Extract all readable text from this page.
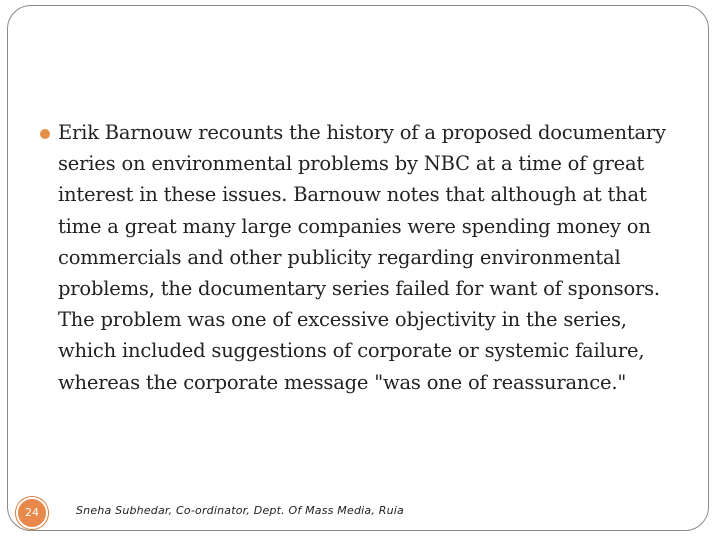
Erik Barnouw recounts the history of a proposed documentary series on environmental problems by NBC at a time of great interest in these issues. Barnouw notes that although at that time a great many large companies were spending money on commercials and other publicity regarding environmental problems, the documentary series failed for want of sponsors. The problem was one of excessive objectivity in the series, which included suggestions of corporate or systemic failure, whereas the corporate message "was one of reassurance."

24	Sneha Subhedar, Co-ordinator, Dept. Of Mass Media, Ruia
